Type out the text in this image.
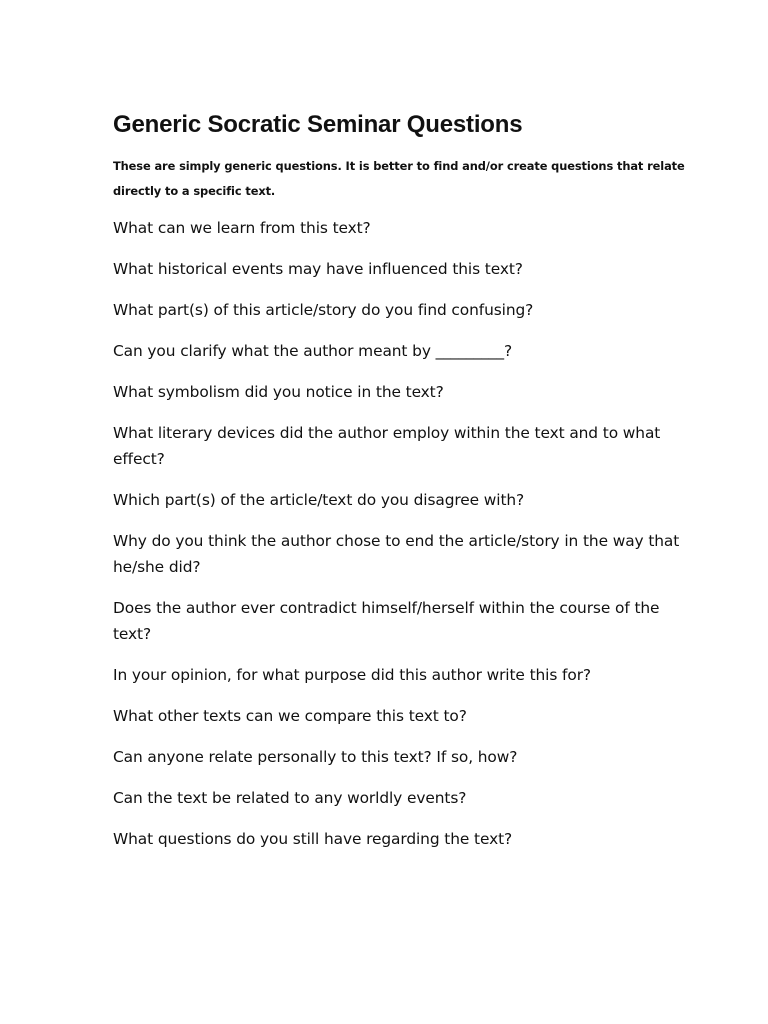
Generic Socratic Seminar Questions

These are simply generic questions. It is better to find and/or create questions that relate directly to a specific text.

What can we learn from this text?
What historical events may have influenced this text?
What part(s) of this article/story do you find confusing?
Can you clarify what the author meant by _________?
What symbolism did you notice in the text?
What literary devices did the author employ within the text and to what effect?
Which part(s) of the article/text do you disagree with?
Why do you think the author chose to end the article/story in the way that he/she did?
Does the author ever contradict himself/herself within the course of the text?
In your opinion, for what purpose did this author write this for?
What other texts can we compare this text to?
Can anyone relate personally to this text? If so, how?
Can the text be related to any worldly events?
What questions do you still have regarding the text?
